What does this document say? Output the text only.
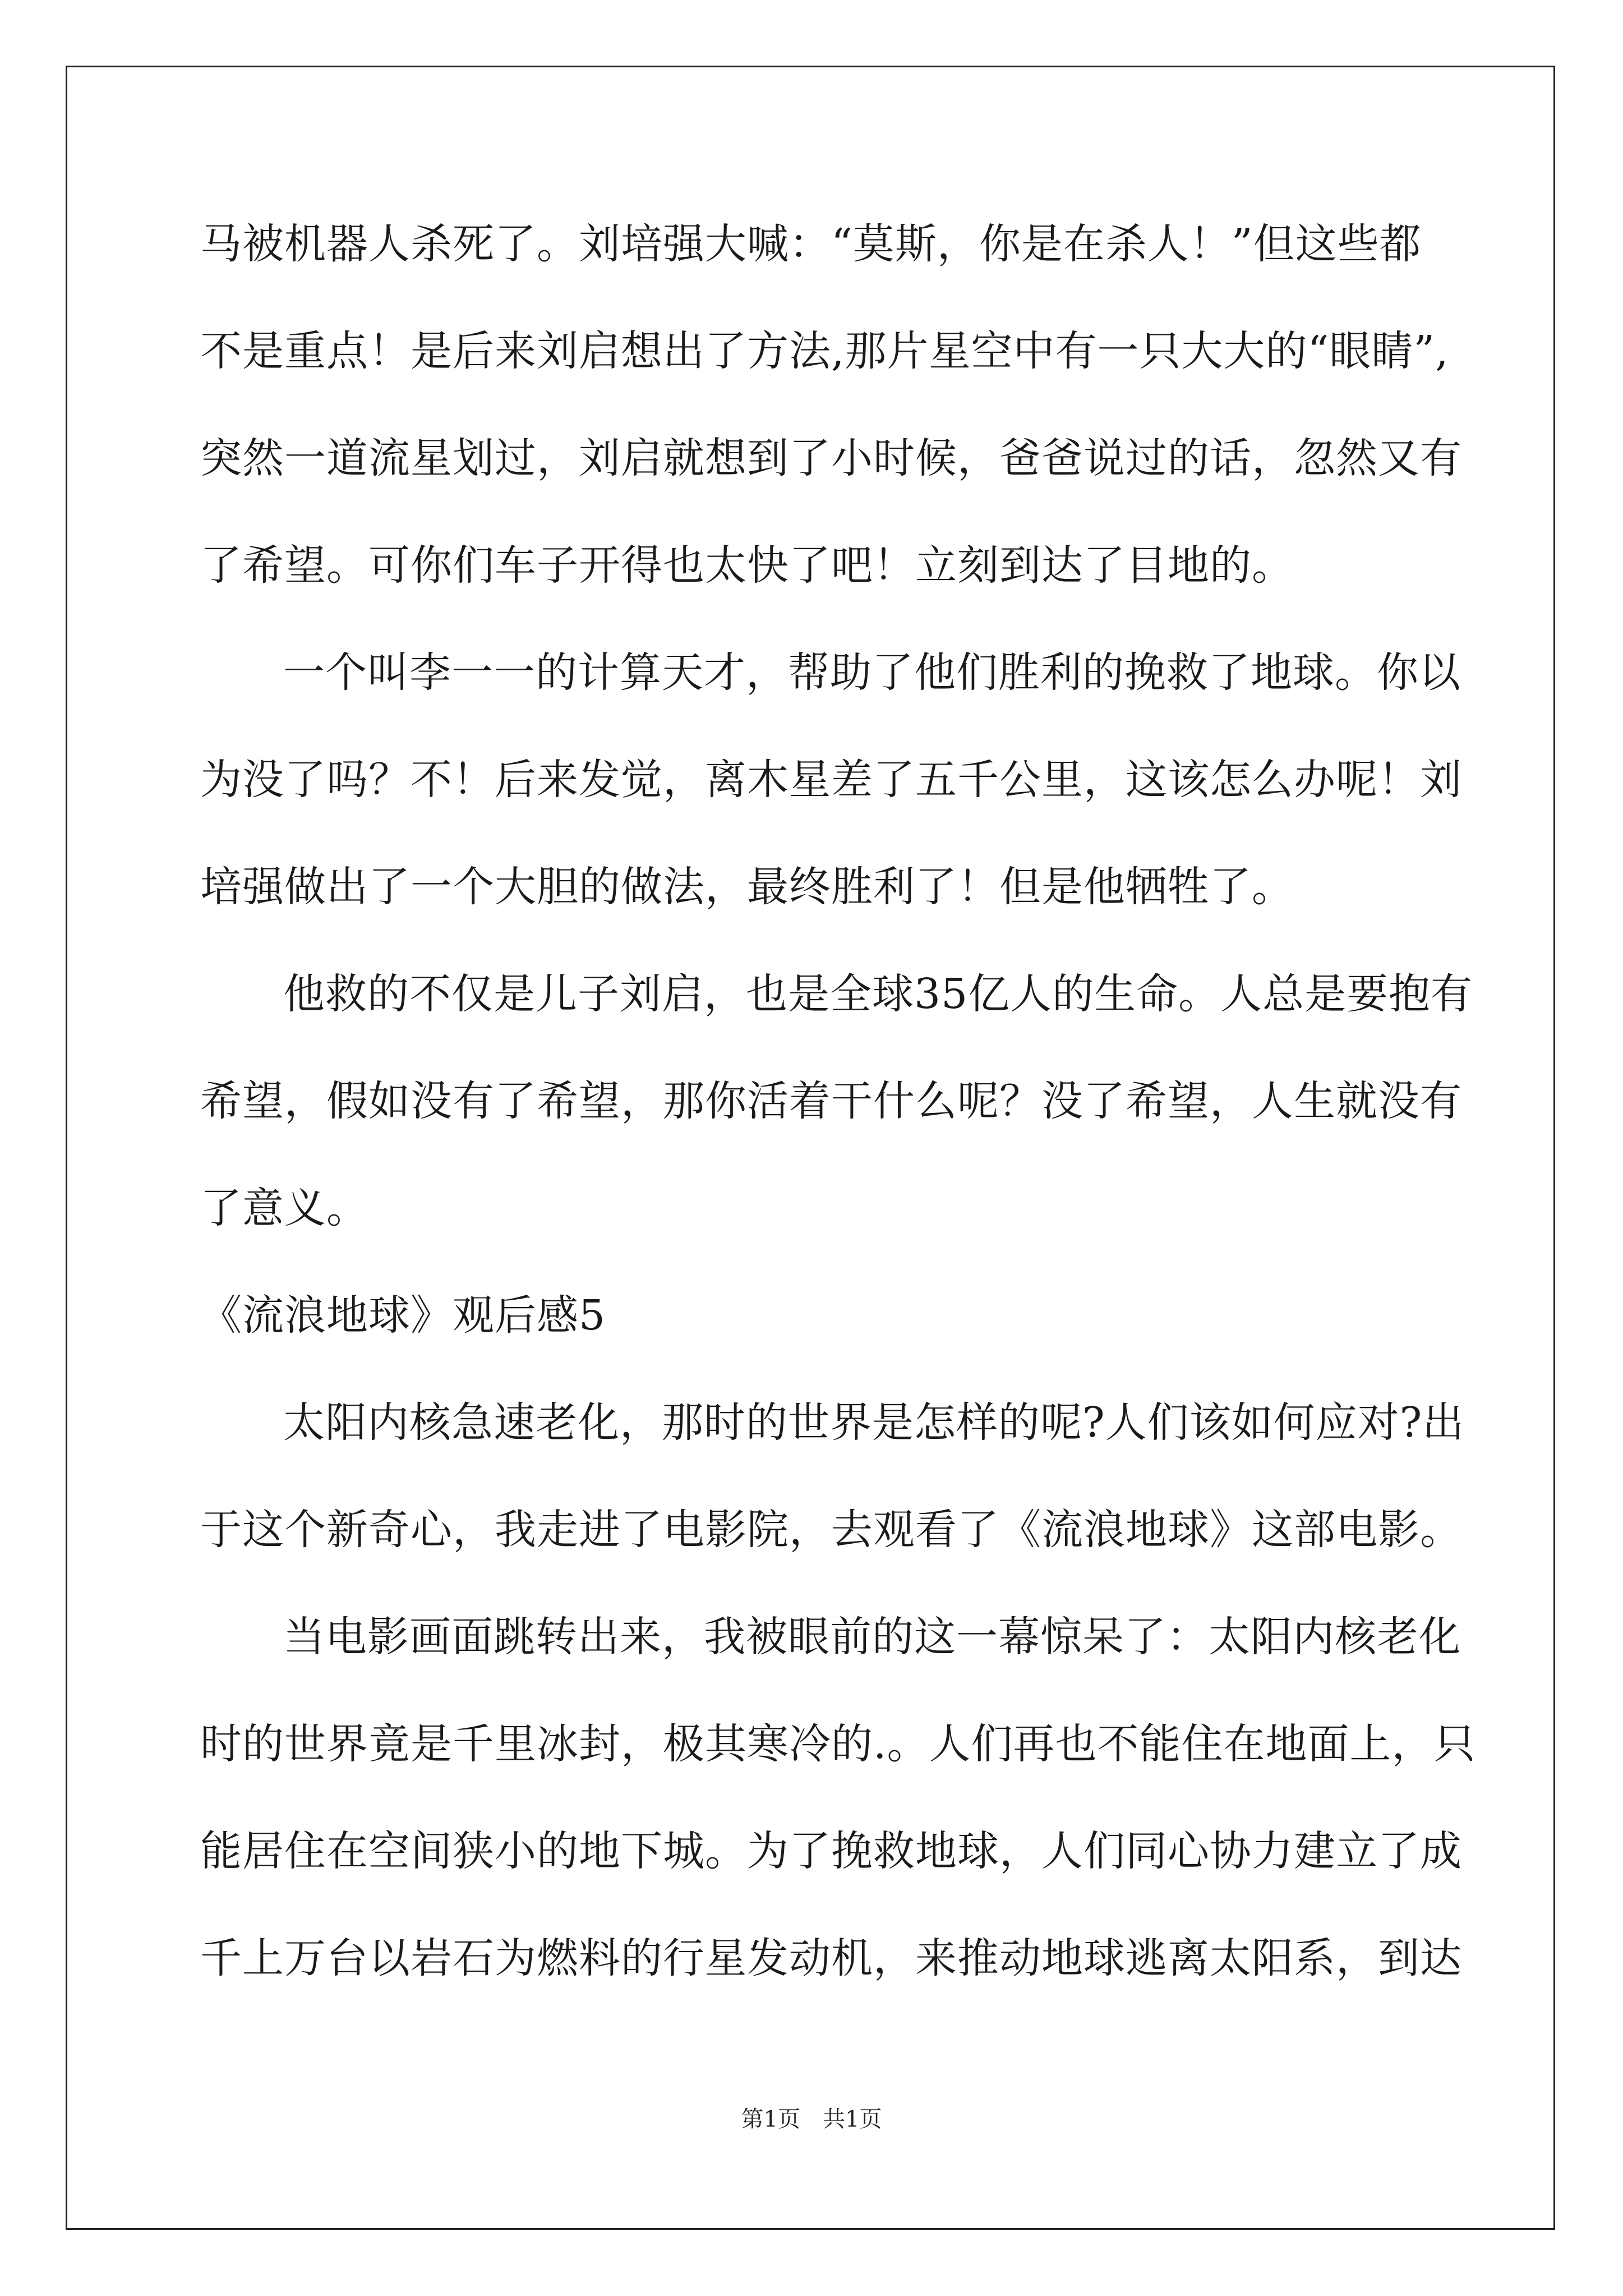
马被机器人杀死了。刘培强大喊：“莫斯，你是在杀人！”但这些都
不是重点！是后来刘启想出了方法,那片星空中有一只大大的“眼睛”,
突然一道流星划过，刘启就想到了小时候，爸爸说过的话，忽然又有
了希望。可你们车子开得也太快了吧！立刻到达了目地的。
一个叫李一一的计算天才，帮助了他们胜利的挽救了地球。你以
为没了吗？不！后来发觉，离木星差了五千公里，这该怎么办呢！刘
培强做出了一个大胆的做法，最终胜利了！但是他牺牲了。
他救的不仅是儿子刘启，也是全球35亿人的生命。人总是要抱有
希望，假如没有了希望，那你活着干什么呢？没了希望，人生就没有
了意义。
《流浪地球》观后感5
太阳内核急速老化，那时的世界是怎样的呢?人们该如何应对?出
于这个新奇心，我走进了电影院，去观看了《流浪地球》这部电影。
当电影画面跳转出来，我被眼前的这一幕惊呆了：太阳内核老化
时的世界竟是千里冰封，极其寒冷的.。人们再也不能住在地面上，只
能居住在空间狭小的地下城。为了挽救地球，人们同心协力建立了成
千上万台以岩石为燃料的行星发动机，来推动地球逃离太阳系，到达
第1页　共1页
